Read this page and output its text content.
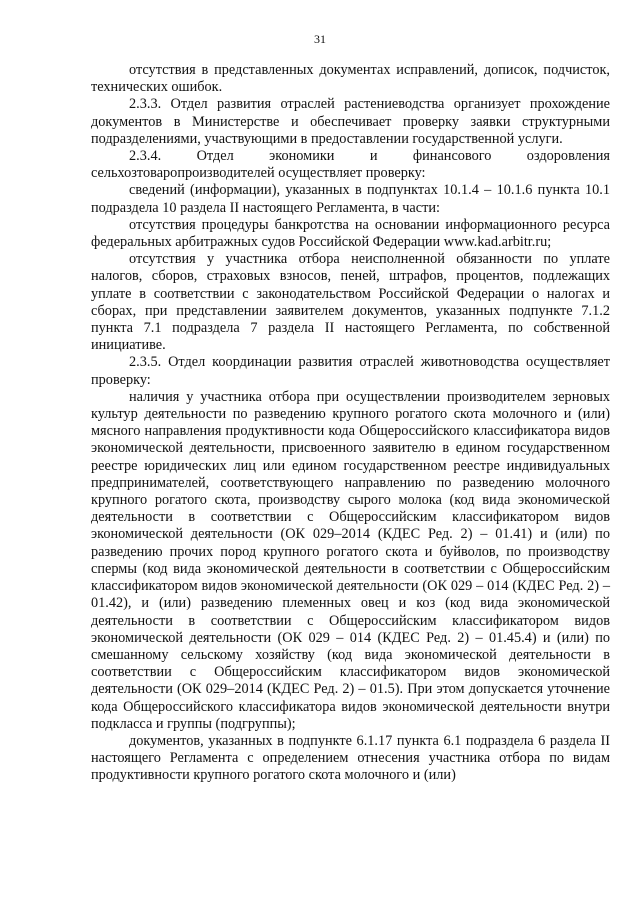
31

отсутствия в представленных документах исправлений, дописок, подчисток, технических ошибок.

2.3.3. Отдел развития отраслей растениеводства организует прохождение документов в Министерстве и обеспечивает проверку заявки структурными подразделениями, участвующими в предоставлении государственной услуги.

2.3.4. Отдел экономики и финансового оздоровления сельхозтоваропроизводителей осуществляет проверку:

сведений (информации), указанных в подпунктах 10.1.4 – 10.1.6 пункта 10.1 подраздела 10 раздела II настоящего Регламента, в части:

отсутствия процедуры банкротства на основании информационного ресурса федеральных арбитражных судов Российской Федерации www.kad.arbitr.ru;

отсутствия у участника отбора неисполненной обязанности по уплате налогов, сборов, страховых взносов, пеней, штрафов, процентов, подлежащих уплате в соответствии с законодательством Российской Федерации о налогах и сборах, при представлении заявителем документов, указанных подпункте 7.1.2 пункта 7.1 подраздела 7 раздела II настоящего Регламента, по собственной инициативе.

2.3.5. Отдел координации развития отраслей животноводства осуществляет проверку:

наличия у участника отбора при осуществлении производителем зерновых культур деятельности по разведению крупного рогатого скота молочного и (или) мясного направления продуктивности кода Общероссийского классификатора видов экономической деятельности, присвоенного заявителю в едином государственном реестре юридических лиц или едином государственном реестре индивидуальных предпринимателей, соответствующего направлению по разведению молочного крупного рогатого скота, производству сырого молока (код вида экономической деятельности в соответствии с Общероссийским классификатором видов экономической деятельности (ОК 029–2014 (КДЕС Ред. 2) – 01.41) и (или) по разведению прочих пород крупного рогатого скота и буйволов, по производству спермы (код вида экономической деятельности в соответствии с Общероссийским классификатором видов экономической деятельности (ОК 029 – 014 (КДЕС Ред. 2) – 01.42), и (или) разведению племенных овец и коз (код вида экономической деятельности в соответствии с Общероссийским классификатором видов экономической деятельности (ОК 029 – 014 (КДЕС Ред. 2) – 01.45.4) и (или) по смешанному сельскому хозяйству (код вида экономической деятельности в соответствии с Общероссийским классификатором видов экономической деятельности (ОК 029–2014 (КДЕС Ред. 2) – 01.5). При этом допускается уточнение кода Общероссийского классификатора видов экономической деятельности внутри подкласса и группы (подгруппы);

документов, указанных в подпункте 6.1.17 пункта 6.1 подраздела 6 раздела II настоящего Регламента с определением отнесения участника отбора по видам продуктивности крупного рогатого скота молочного и (или)
